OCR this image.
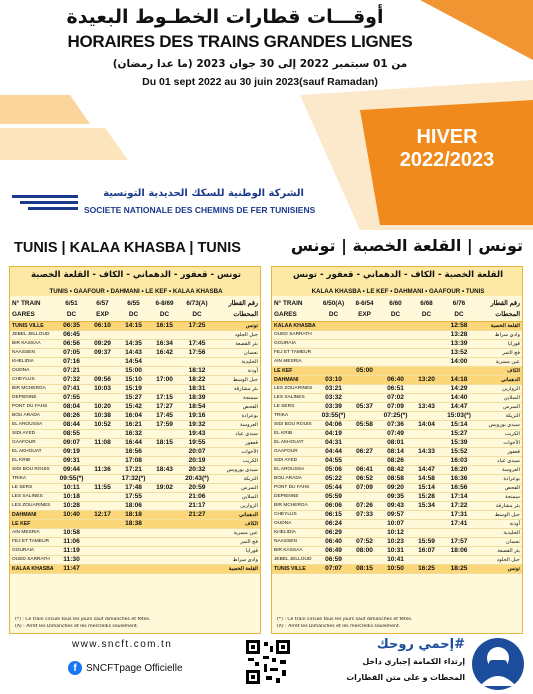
أوقـــات قطارات الخطـوط البعيدة
HORAIRES DES TRAINS GRANDES LIGNES
من 01 سبتمبر 2022 إلى 30 جوان 2023 (ما عدا رمضان)
Du 01 sept 2022 au 30 juin 2023(sauf Ramadan)
HIVER
2022/2023
الشركة الوطنية للسكك الحديدية التونسية
SOCIETE NATIONALE DES CHEMINS DE FER TUNISIENS
TUNIS | KALAA KHASBA | TUNIS	تونس | القلعة الخصبة | تونس
تونس - قعفور - الدهماني - الكاف - القلعة الخصبة
TUNIS • GAAFOUR • DAHMANI • LE KEF • KALAA KHASBA
N° TRAIN	6/51	6/57	6/55	6-8/69	6/73(A)	رقم القطار
GARES	DC	EXP	DC	DC	DC	المحطات
TUNIS VILLE	06:35	06:10	14:15	16:15	17:25	تونس
JEBEL JELLOUD	06:45					جبل الجلود
BIR KASSAA	06:56	09:29	14:35	16:34	17:45	بئر القصعة
NAASSEN	07:05	09:37	14:43	16:42	17:56	نعسان
KHELIDIA	07:16		14:54			الخليدية
OUDNA	07:21		15:00		18:12	أوذنة
CHEYLUS	07:32	09:56	15:10	17:00	18:22	جبل الوسط
BIR MCHERGA	07:41	10:03	15:19		18:31	بئر مشارقة
DEPIENNE	07:55		15:27	17:15	18:39	سمنجة
PONT DU FAHS	08:04	10:20	15:42	17:27	18:54	الفحص
BOU ARADA	08:26	10:38	16:04	17:45	19:16	بوعرادة
EL AROUSSA	08:44	10:52	16:21	17:59	19:32	العروسة
SIDI AYED	08:55		16:32		19:43	سيدي عياد
GAAFOUR	09:07	11:08	16:44	18:15	19:55	قعفور
EL AKHOUAT	09:19		16:56		20:07	الأخوات
EL KRIB	09:31		17:08		20:19	الكريب
SIDI BOU ROUIS	09:44	11:36	17:21	18:43	20:32	سيدي بورويس
TRIKA	09:55(*)		17:32(*)		20:43(*)	التريكة
LE SERS	10:11	11:55	17:48	19:02	20:59	السرس
LES SALINES	10:18		17:55		21:06	السلاين
LES ZOUARINES	10:28		18:06		21:17	الزوارين
DAHMANI	10:40	12:17	18:18		21:27	الدهماني
LE KEF			18:38			الكاف
AIN MESRIA	10:58					عين مسرية
FEJ ET TAMEUR	11:06					فج التمر
GOURAIA	11:19					قورايا
OUED SARRATH	11:30					وادي سراط
KALAA KHASBA	11:47					القلعة الخصبة
(*) : Ce train circule tous les jours sauf dimanches et fêtes.
(A) : Arrêt les Dimanches et les mercredis seulement.
القلعة الخصبة - الكاف - الدهماني - قعفور - تونس
KALAA KHASBA • LE KEF • DAHMANI • GAAFOUR • TUNIS
N° TRAIN	6/50(A)	8-6/54	6/60	6/68	6/76	رقم القطار
GARES	DC	EXP	DC	DC	DC	المحطات
KALAA KHASBA					12:58	القلعة الخصبة
OUED SARRATH					13:28	وادي سراط
GOURAIA					13:39	قورايا
FEJ ET TAMEUR					13:52	فج التمر
AIN MESRIA					14:00	عين مسرية
LE KEF		05:00				الكاف
DAHMANI	03:10		06:40	13:20	14:18	الدهماني
LES ZOUARINES	03:21		06:51		14:29	الزوارين
LES SALINES	03:32		07:02		14:40	السلاين
LE SERS	03:39	05:37	07:09	13:43	14:47	السرس
TRIKA	03:55(*)		07:25(*)		15:03(*)	التريكة
SIDI BOU ROUIS	04:06	05:58	07:36	14:04	15:14	سيدي بورويس
EL KRIB	04:19		07:49		15:27	الكريب
EL AKHOUAT	04:31		08:01		15:39	الأخوات
GAAFOUR	04:44	06:27	08:14	14:33	15:52	قعفور
SIDI AYED	04:55		08:26		16:03	سيدي عياد
EL AROUSSA	05:06	06:41	08:42	14:47	16:20	العروسة
BOU ARADA	05:22	06:52	08:58	14:58	16:36	بوعرادة
PONT DU FAHS	05:44	07:09	09:20	15:14	16:56	الفحص
DEPIENNE	05:59		09:35	15:28	17:14	سمنجة
BIR MCHERGA	06:06	07:26	09:43	15:34	17:22	بئر مشارقة
CHEYLUS	06:15	07:33	09:57		17:31	جبل الوسط
OUDNA	06:24		10:07		17:41	أوذنة
KHELIDIA	06:29		10:12			الخليدية
NAASSEN	06:40	07:52	10:23	15:59	17:57	نعسان
BIR KASSAA	06:49	08:00	10:31	16:07	18:06	بئر القصعة
JEBEL JELLOUD	06:59		10:41			جبل الجلود
TUNIS VILLE	07:07	08:15	10:50	16:25	18:25	تونس
(*) : Ce train circule tous les jours sauf dimanches et fêtes.
(A) : Arrêt les Dimanches et les mercredis seulement.
www.sncft.com.tn
f SNCFTpage Officielle
#إحمي روحك
إرتداء الكمامة إجباري داخل
المحطات و على متن القطارات
